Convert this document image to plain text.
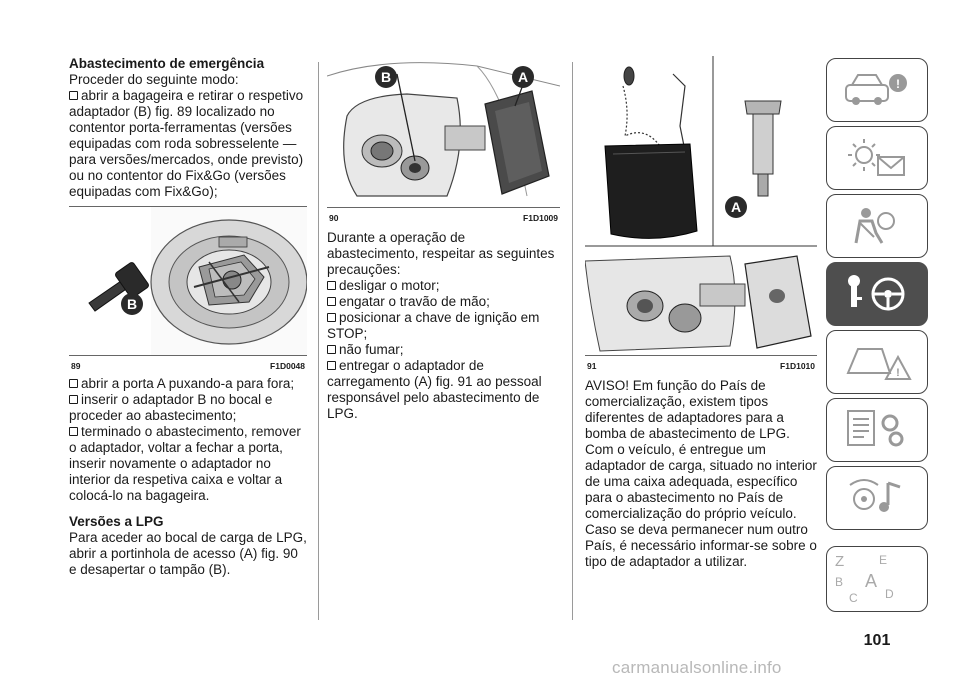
Abastecimento de emergência
Proceder do seguinte modo:
abrir a bagageira e retirar o respetivo adaptador (B) fig. 89 localizado no contentor porta-ferramentas (versões equipadas com roda sobresselente — para versões/mercados, onde previsto) ou no contentor do Fix&Go (versões equipadas com Fix&Go);
B
89	F1D0048
abrir a porta A puxando-a para fora;
inserir o adaptador B no bocal e proceder ao abastecimento;
terminado o abastecimento, remover o adaptador, voltar a fechar a porta, inserir novamente o adaptador no interior da respetiva caixa e voltar a colocá-lo na bagageira.
Versões a LPG
Para aceder ao bocal de carga de LPG, abrir a portinhola de acesso (A) fig. 90 e desapertar o tampão (B).
B	A
90	F1D1009
Durante a operação de abastecimento, respeitar as seguintes precauções:
desligar o motor;
engatar o travão de mão;
posicionar a chave de ignição em STOP;
não fumar;
entregar o adaptador de carregamento (A) fig. 91 ao pessoal responsável pelo abastecimento de LPG.
A
91	F1D1010
AVISO! Em função do País de comercialização, existem tipos diferentes de adaptadores para a bomba de abastecimento de LPG. Com o veículo, é entregue um adaptador de carga, situado no interior de uma caixa adequada, específico para o abastecimento no País de comercialização do próprio veículo. Caso se deva permanecer num outro País, é necessário informar-se sobre o tipo de adaptador a utilizar.
!
!
Z	E
B A
C D
101
carmanualsonline.info
